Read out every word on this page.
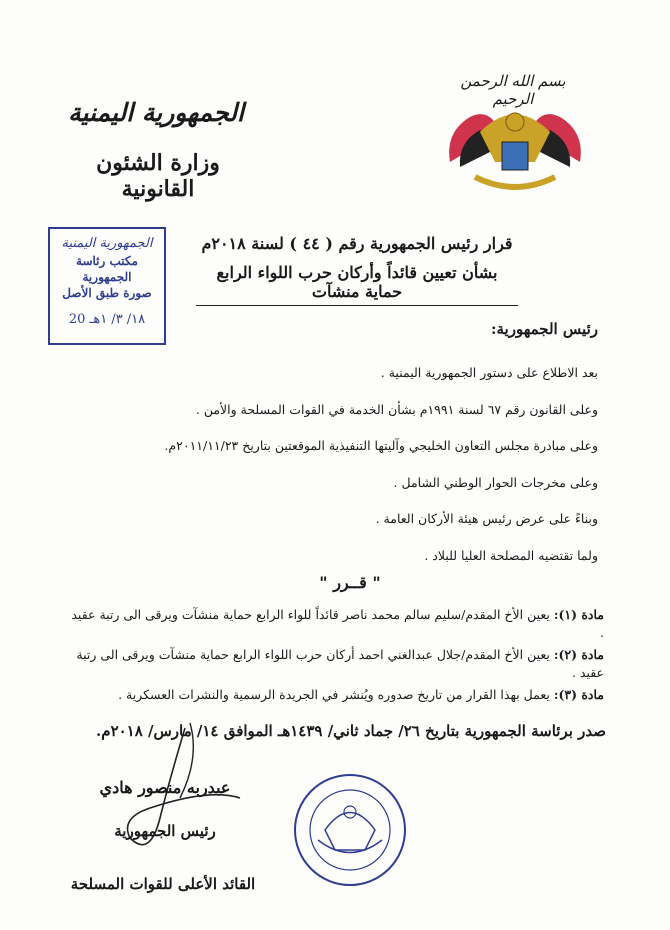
بسم الله الرحمن الرحيم
الجمهورية اليمنية
وزارة الشئون القانونية
الجمهورية اليمنية
مكتب رئاسة الجمهورية
صورة طبق الأصل
20 ١٨/ ٣/ ١هـ
قرار رئيس الجمهورية رقم ( ٤٤ ) لسنة ٢٠١٨م
بشأن تعيين قائداً وأركان حرب اللواء الرابع حماية منشآت
رئيس الجمهورية:
بعد الاطلاع على دستور الجمهورية اليمنية .
وعلى القانون رقم ٦٧ لسنة ١٩٩١م بشأن الخدمة في القوات المسلحة والأمن .
وعلى مبادرة مجلس التعاون الخليجي وآليتها التنفيذية الموقعتين بتاريخ ٢٠١١/١١/٢٣م.
وعلى مخرجات الحوار الوطني الشامل .
وبناءً على عرض رئيس هيئة الأركان العامة .
ولما تقتضيه المصلحة العليا للبلاد .
" قــرر "
مادة (١): يعين الأخ المقدم/سليم سالم محمد ناصر قائداً للواء الرابع حماية منشآت ويرقى الى رتبة عقيد .
مادة (٢): يعين الأخ المقدم/جلال عبدالغني احمد أركان حرب اللواء الرابع حماية منشآت ويرقى الى رتبة عقيد .
مادة (٣): يعمل بهذا القرار من تاريخ صدوره ويُنشر في الجريدة الرسمية والنشرات العسكرية .
صدر برئاسة الجمهورية بتاريخ ٢٦/ جماد ثاني/ ١٤٣٩هـ الموافق ١٤/ مارس/ ٢٠١٨م.
عبدربه منصور هادي
رئيس الجمهورية
القائد الأعلى للقوات المسلحة
